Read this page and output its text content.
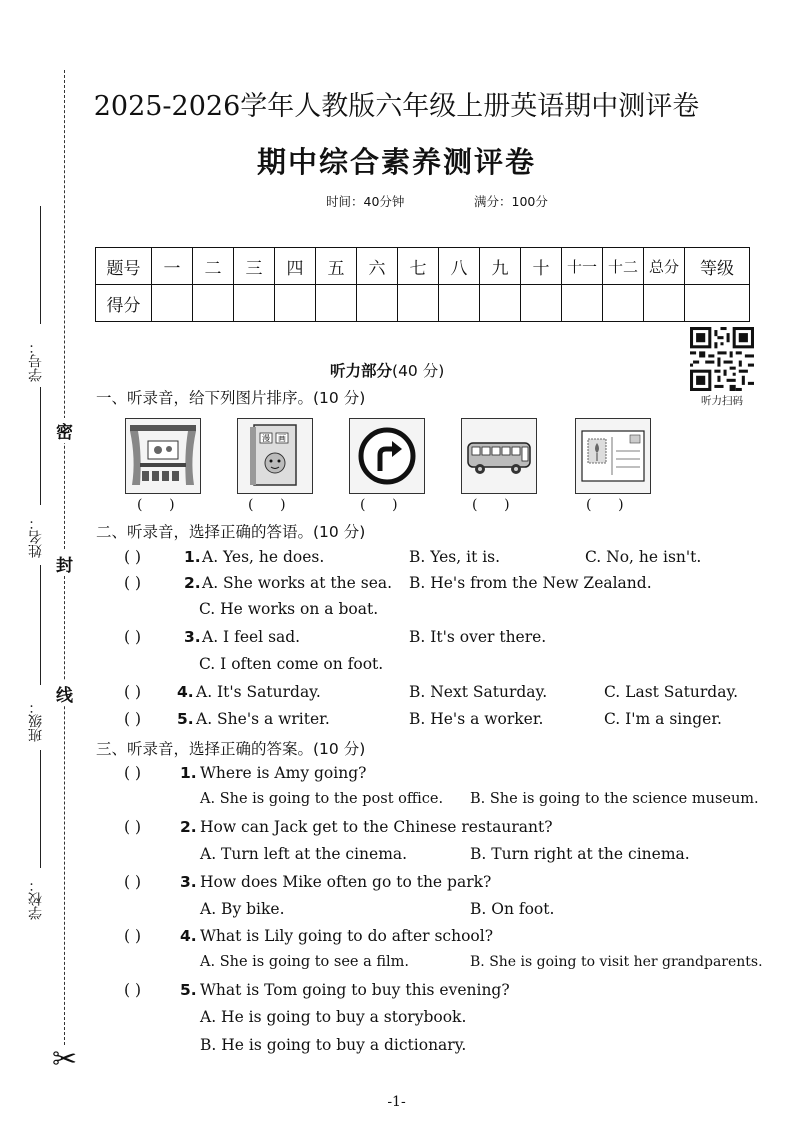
密
封
线
✂
学号：
姓名：
班级：
学校：
2025-2026学年人教版六年级上册英语期中测评卷
期中综合素养测评卷
时间：40分钟	满分：100分
题号	一	二	三	四	五	六	七	八	九	十	十一	十二	总分	等级
得分														
听力扫码
听力部分(40 分)
一、听录音，给下列图片排序。(10 分)
(      )
漫 画
(      )	(      )	(      )	(      )
二、听录音，选择正确的答语。(10 分)
( )	1. A. Yes, he does.	B. Yes, it is.	C. No, he isn't.
( )	2. A. She works at the sea. B. He's from the New Zealand.
C. He works on a boat.
( )	3. A. I feel sad.	B. It's over there.
C. I often come on foot.
( ) 4. A. It's Saturday.	B. Next Saturday.	C. Last Saturday.
( ) 5. A. She's a writer.	B. He's a worker.	C. I'm a singer.
三、听录音，选择正确的答案。(10 分)
( )	1. Where is Amy going?
A. She is going to the post office. B. She is going to the science museum.
( )	2. How can Jack get to the Chinese restaurant?
A. Turn left at the cinema.	B. Turn right at the cinema.
( )	3. How does Mike often go to the park?
A. By bike.	B. On foot.
( )	4. What is Lily going to do after school?
A. She is going to see a film.	B. She is going to visit her grandparents.
( )	5. What is Tom going to buy this evening?
A. He is going to buy a storybook.
B. He is going to buy a dictionary.
-1-
